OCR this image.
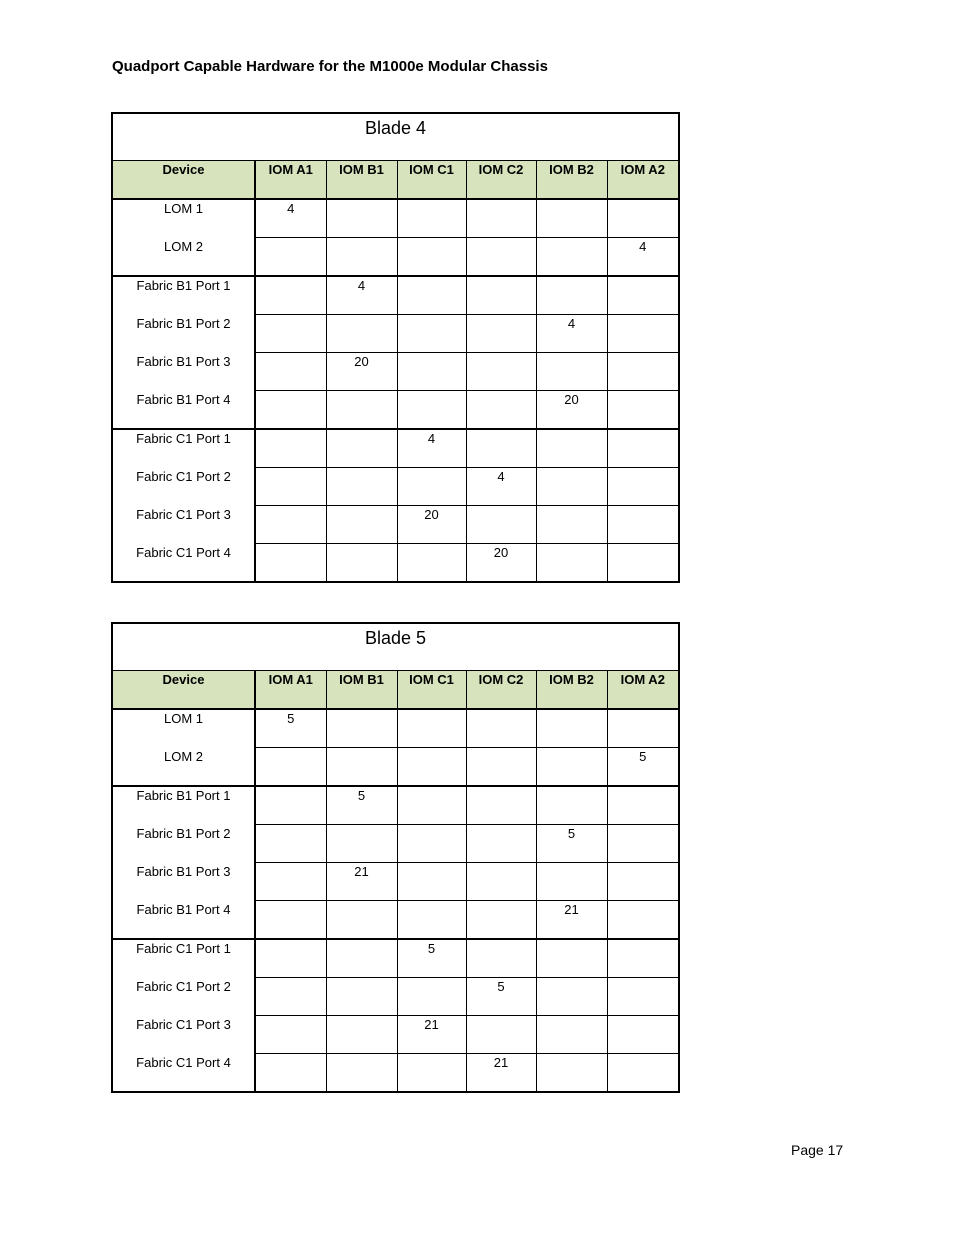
Quadport Capable Hardware for the M1000e Modular Chassis
Blade 4						
Device	IOM A1	IOM B1	IOM C1	IOM C2	IOM B2	IOM A2
LOM 1	4					
LOM 2						4
Fabric B1 Port 1		4				
Fabric B1 Port 2					4	
Fabric B1 Port 3		20				
Fabric B1 Port 4					20	
Fabric C1 Port 1			4			
Fabric C1 Port 2				4		
Fabric C1 Port 3			20			
Fabric C1 Port 4				20		
Blade 5						
Device	IOM A1	IOM B1	IOM C1	IOM C2	IOM B2	IOM A2
LOM 1	5					
LOM 2						5
Fabric B1 Port 1		5				
Fabric B1 Port 2					5	
Fabric B1 Port 3		21				
Fabric B1 Port 4					21	
Fabric C1 Port 1			5			
Fabric C1 Port 2				5		
Fabric C1 Port 3			21			
Fabric C1 Port 4				21		
Page 17
